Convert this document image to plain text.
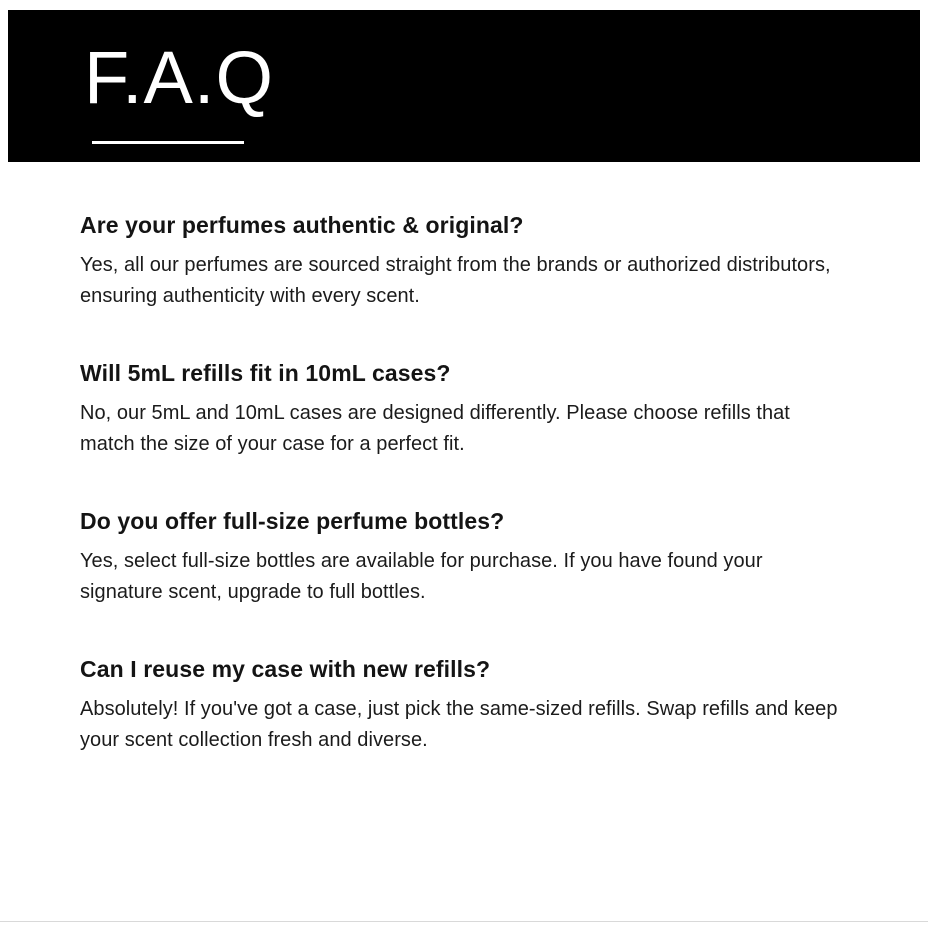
F.A.Q
Are your perfumes authentic & original?
Yes, all our perfumes are sourced straight from the brands or authorized distributors, ensuring authenticity with every scent.
Will 5mL refills fit in 10mL cases?
No, our 5mL and 10mL cases are designed differently. Please choose refills that match the size of your case for a perfect fit.
Do you offer full-size perfume bottles?
Yes, select full-size bottles are available for purchase. If you have found your signature scent, upgrade to full bottles.
Can I reuse my case with new refills?
Absolutely! If you've got a case, just pick the same-sized refills. Swap refills and keep your scent collection fresh and diverse.
